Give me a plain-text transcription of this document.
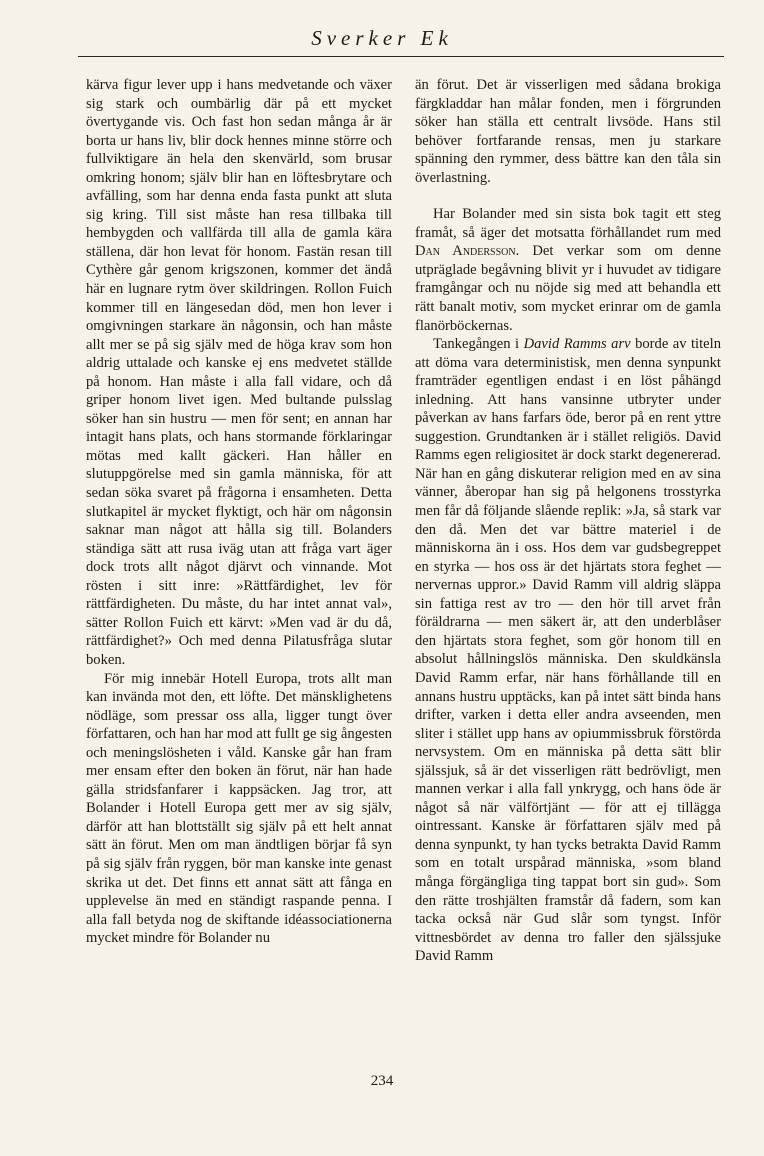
Sverker Ek

kärva figur lever upp i hans medvetande och växer sig stark och oumbärlig där på ett mycket övertygande vis. Och fast hon sedan många år är borta ur hans liv, blir dock hennes minne större och fullviktigare än hela den skenvärld, som brusar omkring honom; själv blir han en löftesbrytare och avfälling, som har denna enda fasta punkt att sluta sig kring. Till sist måste han resa tillbaka till hembygden och vallfärda till alla de gamla kära ställena, där hon levat för honom. Fastän resan till Cythère går genom krigszonen, kommer det ändå här en lugnare rytm över skildringen. Rollon Fuich kommer till en längesedan död, men hon lever i omgivningen starkare än någonsin, och han måste allt mer se på sig själv med de höga krav som hon aldrig uttalade och kanske ej ens medvetet ställde på honom. Han måste i alla fall vidare, och då griper honom livet igen. Med bultande pulsslag söker han sin hustru — men för sent; en annan har intagit hans plats, och hans stormande förklaringar mötas med kallt gäckeri. Han håller en slutuppgörelse med sin gamla människa, för att sedan söka svaret på frågorna i ensamheten. Detta slutkapitel är mycket flyktigt, och här om någonsin saknar man något att hålla sig till. Bolanders ständiga sätt att rusa iväg utan att fråga vart äger dock trots allt något djärvt och vinnande. Mot rösten i sitt inre: »Rättfärdighet, lev för rättfärdigheten. Du måste, du har intet annat val», sätter Rollon Fuich ett kärvt: »Men vad är du då, rättfärdighet?» Och med denna Pilatusfråga slutar boken.

För mig innebär Hotell Europa, trots allt man kan invända mot den, ett löfte. Det mänsklighetens nödläge, som pressar oss alla, ligger tungt över författaren, och han har mod att fullt ge sig ångesten och meningslösheten i våld. Kanske går han fram mer ensam efter den boken än förut, när han hade gälla stridsfanfarer i kappsäcken. Jag tror, att Bolander i Hotell Europa gett mer av sig själv, därför att han blottställt sig själv på ett helt annat sätt än förut. Men om man ändtligen börjar få syn på sig själv från ryggen, bör man kanske inte genast skrika ut det. Det finns ett annat sätt att fånga en upplevelse än med en ständigt raspande penna. I alla fall betyda nog de skiftande idéassociationerna mycket mindre för Bolander nu

än förut. Det är visserligen med sådana brokiga färgkladdar han målar fonden, men i förgrunden söker han ställa ett centralt livsöde. Hans stil behöver fortfarande rensas, men ju starkare spänning den rymmer, dess bättre kan den tåla sin överlastning.

Har Bolander med sin sista bok tagit ett steg framåt, så äger det motsatta förhållandet rum med Dan Andersson. Det verkar som om denne utpräglade begåvning blivit yr i huvudet av tidigare framgångar och nu nöjde sig med att behandla ett rätt banalt motiv, som mycket erinrar om de gamla flanörböckernas.

Tankegången i David Ramms arv borde av titeln att döma vara deterministisk, men denna synpunkt framträder egentligen endast i en löst påhängd inledning. Att hans vansinne utbryter under påverkan av hans farfars öde, beror på en rent yttre suggestion. Grundtanken är i stället religiös. David Ramms egen religiositet är dock starkt degenererad. När han en gång diskuterar religion med en av sina vänner, åberopar han sig på helgonens trosstyrka men får då följande slående replik: »Ja, så stark var den då. Men det var bättre materiel i de människorna än i oss. Hos dem var gudsbegreppet en styrka — hos oss är det hjärtats stora feghet — nervernas uppror.» David Ramm vill aldrig släppa sin fattiga rest av tro — den hör till arvet från föräldrarna — men säkert är, att den underblåser den hjärtats stora feghet, som gör honom till en absolut hållningslös människa. Den skuldkänsla David Ramm erfar, när hans förhållande till en annans hustru upptäcks, kan på intet sätt binda hans drifter, varken i detta eller andra avseenden, men sliter i stället upp hans av opiummissbruk förstörda nervsystem. Om en människa på detta sätt blir själssjuk, så är det visserligen rätt bedrövligt, men mannen verkar i alla fall ynkrygg, och hans öde är något så när välförtjänt — för att ej tillägga ointressant. Kanske är författaren själv med på denna synpunkt, ty han tycks betrakta David Ramm som en totalt urspårad människa, »som bland många förgängliga ting tappat bort sin gud». Som den rätte troshjälten framstår då fadern, som kan tacka också när Gud slår som tyngst. Inför vittnesbördet av denna tro faller den själssjuke David Ramm

234
